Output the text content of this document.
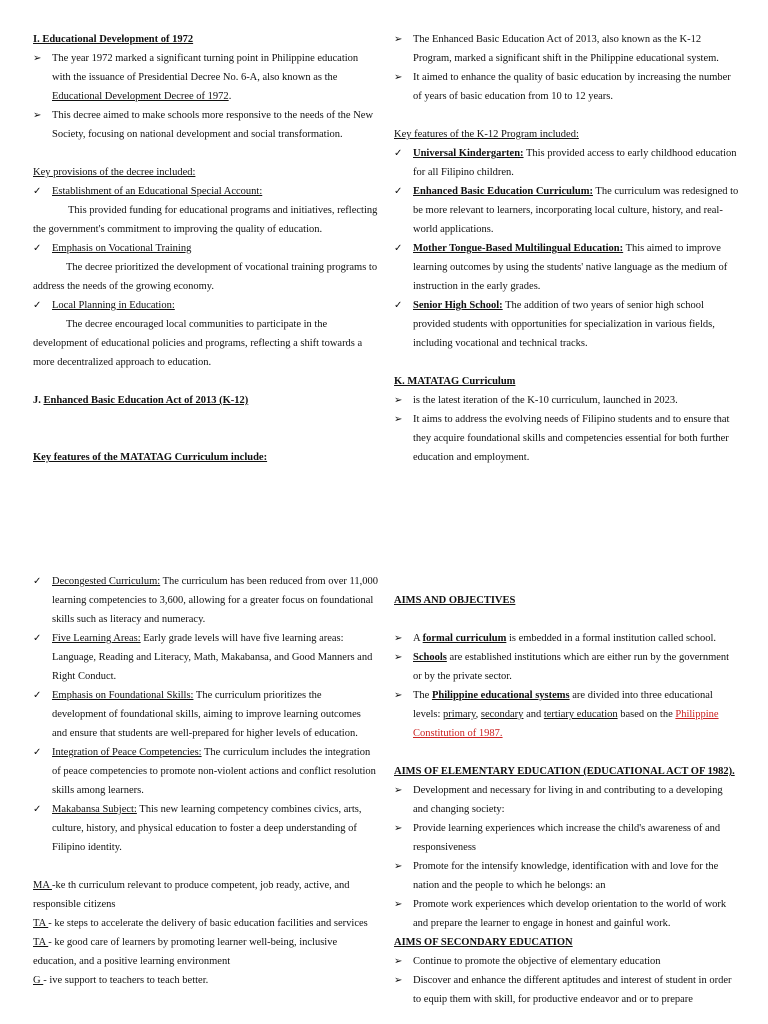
I. Educational Development of 1972

➢ The year 1972 marked a significant turning point in Philippine education with the issuance of Presidential Decree No. 6-A, also known as the Educational Development Decree of 1972.
➢ This decree aimed to make schools more responsive to the needs of the New Society, focusing on national development and social transformation.

Key provisions of the decree included:

✓ Establishment of an Educational Special Account:

This provided funding for educational programs and initiatives, reflecting the government's commitment to improving the quality of education.

✓ Emphasis on Vocational Training

The decree prioritized the development of vocational training programs to address the needs of the growing economy.

✓ Local Planning in Education:

The decree encouraged local communities to participate in the development of educational policies and programs, reflecting a shift towards a more decentralized approach to education.

J. Enhanced Basic Education Act of 2013 (K-12)

Key features of the MATATAG Curriculum include:

➢ The Enhanced Basic Education Act of 2013, also known as the K-12 Program, marked a significant shift in the Philippine educational system.
➢ It aimed to enhance the quality of basic education by increasing the number of years of basic education from 10 to 12 years.

Key features of the K-12 Program included:

✓ Universal Kindergarten: This provided access to early childhood education for all Filipino children.
✓ Enhanced Basic Education Curriculum: The curriculum was redesigned to be more relevant to learners, incorporating local culture, history, and real-world applications.
✓ Mother Tongue-Based Multilingual Education: This aimed to improve learning outcomes by using the students' native language as the medium of instruction in the early grades.
✓ Senior High School: The addition of two years of senior high school provided students with opportunities for specialization in various fields, including vocational and technical tracks.

K. MATATAG Curriculum

➢ is the latest iteration of the K-10 curriculum, launched in 2023.
➢ It aims to address the evolving needs of Filipino students and to ensure that they acquire foundational skills and competencies essential for both further education and employment.
✓ Decongested Curriculum: The curriculum has been reduced from over 11,000 learning competencies to 3,600, allowing for a greater focus on foundational skills such as literacy and numeracy.
✓ Five Learning Areas: Early grade levels will have five learning areas: Language, Reading and Literacy, Math, Makabansa, and Good Manners and Right Conduct.
✓ Emphasis on Foundational Skills: The curriculum prioritizes the development of foundational skills, aiming to improve learning outcomes and ensure that students are well-prepared for higher levels of education.
✓ Integration of Peace Competencies: The curriculum includes the integration of peace competencies to promote non-violent actions and conflict resolution skills among learners.
✓ Makabansa Subject: This new learning competency combines civics, arts, culture, history, and physical education to foster a deep understanding of Filipino identity.

MA -ke th curriculum relevant to produce competent, job ready, active, and responsible citizens

TA - ke steps to accelerate the delivery of basic education facilities and services

TA - ke good care of learners by promoting learner well-being, inclusive education, and a positive learning environment

G - ive support to teachers to teach better.

AIMS AND OBJECTIVES

➢ A formal curriculum is embedded in a formal institution called school.
➢ Schools are established institutions which are either run by the government or by the private sector.
➢ The Philippine educational systems are divided into three educational levels: primary, secondary and tertiary education based on the Philippine Constitution of 1987.

AIMS OF ELEMENTARY EDUCATION (EDUCATIONAL ACT OF 1982).

➢ Development and necessary for living in and contributing to a developing and changing society:
➢ Provide learning experiences which increase the child's awareness of and responsiveness
➢ Promote for the intensify knowledge, identification with and love for the nation and the people to which he belongs: an
➢ Promote work experiences which develop orientation to the world of work and prepare the learner to engage in honest and gainful work.

AIMS OF SECONDARY EDUCATION

➢ Continue to promote the objective of elementary education
➢ Discover and enhance the different aptitudes and interest of student in order to equip them with skill, for productive endeavor and or to prepare
